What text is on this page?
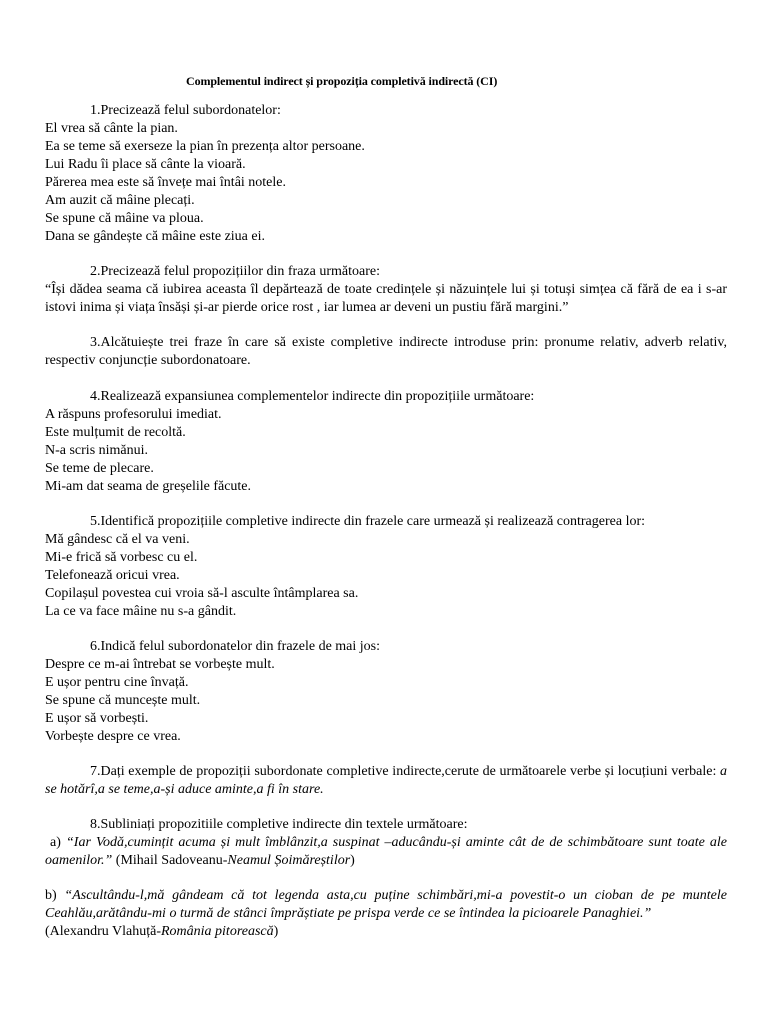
Complementul indirect și propoziția completivă indirectă (CI)

1.Precizează felul subordonatelor:

El vrea să cânte la pian.

Ea se teme să exerseze la pian în prezența altor persoane.

Lui Radu îi place să cânte la vioară.

Părerea mea este să învețe mai întâi notele.

Am auzit că mâine plecați.

Se spune că mâine va ploua.

Dana se gândește că mâine este ziua ei.

2.Precizează felul propozițiilor din fraza următoare:

“Își dădea seama că iubirea aceasta îl depărtează de toate credințele și năzuințele lui și totuși simțea că fără de ea i s-ar istovi inima și viața însăși și-ar pierde orice rost , iar lumea ar deveni un pustiu fără margini.”

3.Alcătuiește trei fraze în care să existe completive indirecte introduse prin: pronume relativ, adverb relativ, respectiv conjuncție subordonatoare.

4.Realizează expansiunea complementelor indirecte din propozițiile următoare:

A răspuns profesorului imediat.

Este mulțumit de recoltă.

N-a scris nimănui.

Se teme de plecare.

Mi-am dat seama de greșelile făcute.

5.Identifică propozițiile completive indirecte din frazele care urmează și realizează contragerea lor:

Mă gândesc că el va veni.

Mi-e frică să vorbesc cu el.

Telefonează oricui vrea.

Copilașul povestea cui vroia să-l asculte întâmplarea sa.

La ce va face mâine nu s-a gândit.

6.Indică felul subordonatelor din frazele de mai jos:

Despre ce m-ai întrebat se vorbește mult.

E ușor pentru cine învață.

Se spune că muncește mult.

E ușor să vorbești.

Vorbește despre ce vrea.

7.Dați exemple de propoziții subordonate completive indirecte,cerute de următoarele verbe și locuțiuni verbale: a se hotărî,a se teme,a-și aduce aminte,a fi în stare.

8.Subliniați propozitiile completive indirecte din textele următoare:

a) “Iar Vodă,cumințit acuma și mult îmblânzit,a suspinat –aducându-și aminte cât de de schimbătoare sunt toate ale oamenilor.” (Mihail Sadoveanu-Neamul Șoimăreștilor)

b) “Ascultându-l,mă gândeam că tot legenda asta,cu puține schimbări,mi-a povestit-o un cioban de pe muntele Ceahlău,arătându-mi o turmă de stânci împrăștiate pe prispa verde ce se întindea la picioarele Panaghiei.”

(Alexandru Vlahuță-România pitorească)
